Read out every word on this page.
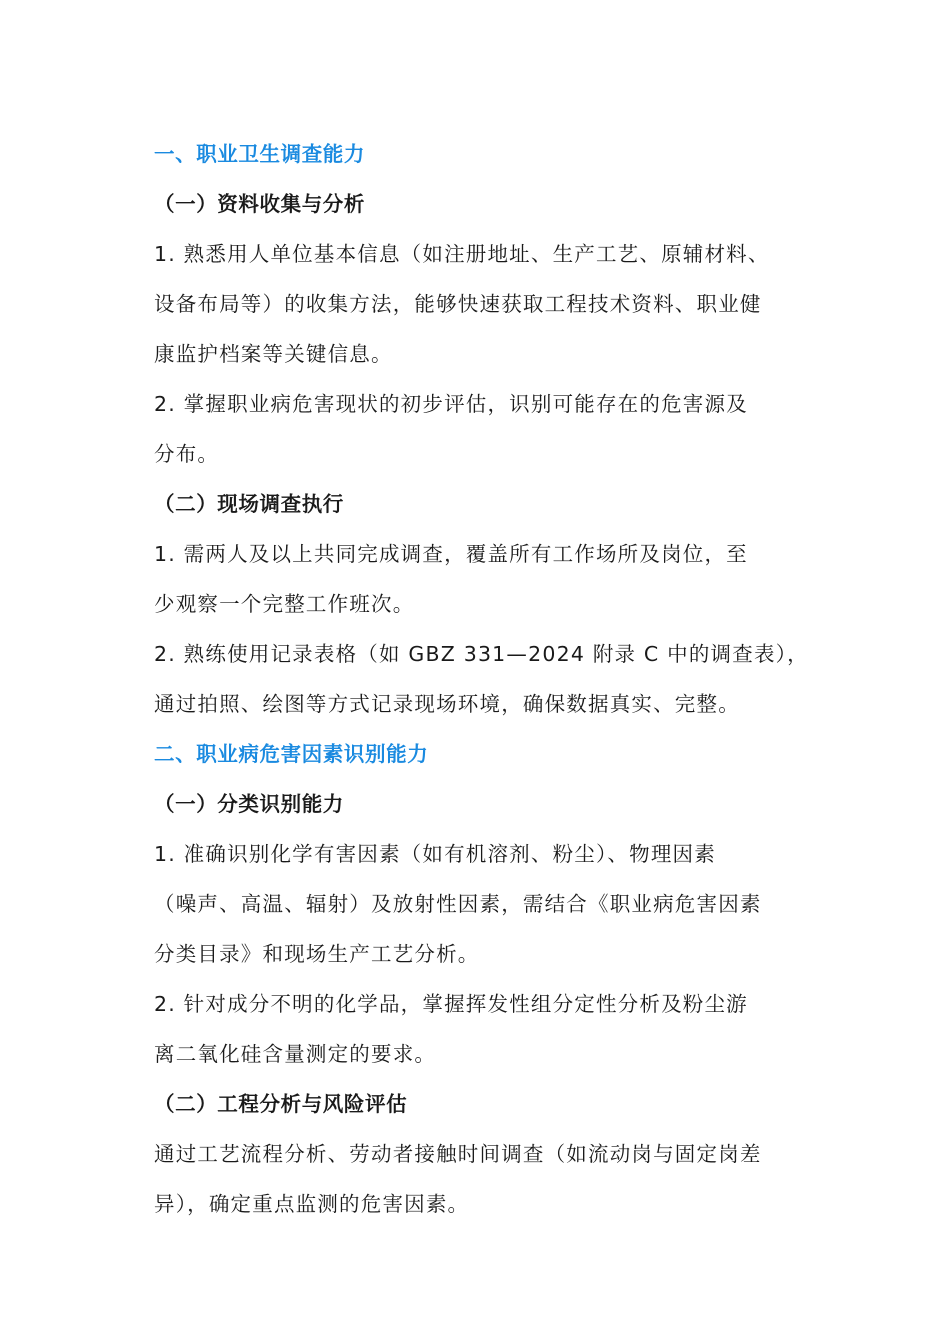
一、职业卫生调查能力
（一）资料收集与分析
1. 熟悉用人单位基本信息（如注册地址、生产工艺、原辅材料、
设备布局等）的收集方法，能够快速获取工程技术资料、职业健
康监护档案等关键信息。
2. 掌握职业病危害现状的初步评估，识别可能存在的危害源及
分布。
（二）现场调查执行
1. 需两人及以上共同完成调查，覆盖所有工作场所及岗位，至
少观察一个完整工作班次。
2. 熟练使用记录表格（如 GBZ 331—2024 附录 C 中的调查表），
通过拍照、绘图等方式记录现场环境，确保数据真实、完整。
二、职业病危害因素识别能力
（一）分类识别能力
1. 准确识别化学有害因素（如有机溶剂、粉尘）、物理因素
（噪声、高温、辐射）及放射性因素，需结合《职业病危害因素
分类目录》和现场生产工艺分析。
2. 针对成分不明的化学品，掌握挥发性组分定性分析及粉尘游
离二氧化硅含量测定的要求。
（二）工程分析与风险评估
通过工艺流程分析、劳动者接触时间调查（如流动岗与固定岗差
异），确定重点监测的危害因素。
